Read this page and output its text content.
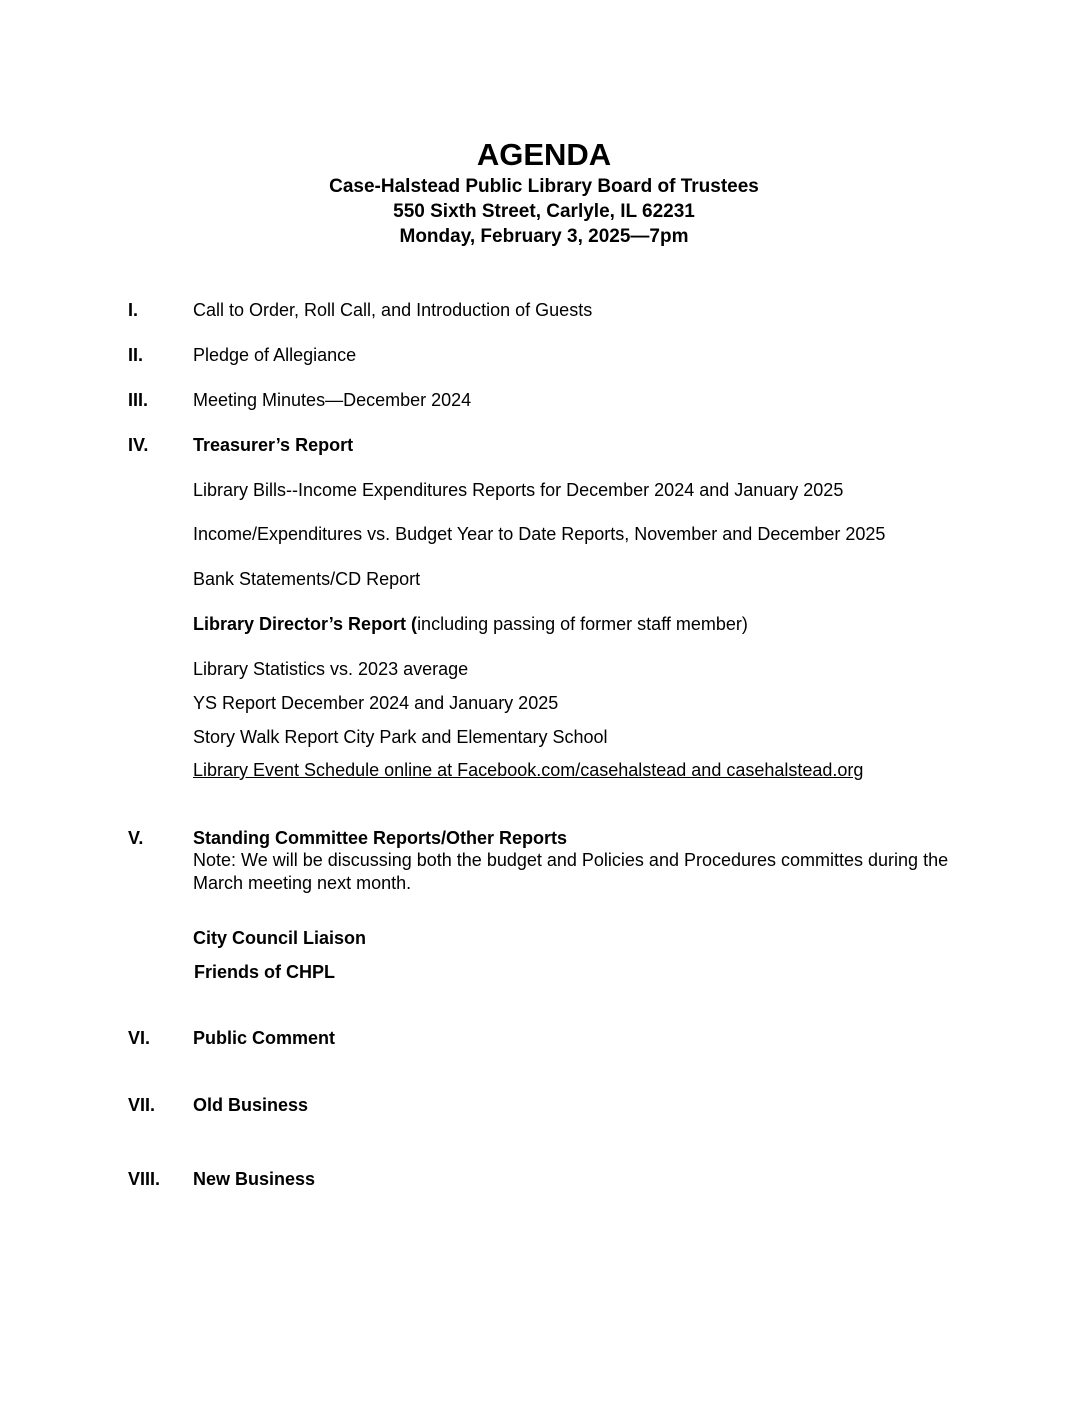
AGENDA
Case-Halstead Public Library Board of Trustees
550 Sixth Street, Carlyle, IL 62231
Monday, February 3, 2025—7pm
I.	Call to Order, Roll Call, and Introduction of Guests
II.	Pledge of Allegiance
III. Meeting Minutes—December 2024
IV. Treasurer’s Report
Library Bills--Income Expenditures Reports for December 2024 and January 2025
Income/Expenditures vs. Budget Year to Date Reports, November and December 2025
Bank Statements/CD Report
Library Director’s Report (including passing of former staff member)
Library Statistics vs. 2023 average
YS Report December 2024 and January 2025
Story Walk Report City Park and Elementary School
Library Event Schedule online at Facebook.com/casehalstead and casehalstead.org
V.	Standing Committee Reports/Other Reports
Note: We will be discussing both the budget and Policies and Procedures committes during the March meeting next month.
City Council Liaison
Friends of CHPL
VI. Public Comment
VII. Old Business
VIII. New Business
